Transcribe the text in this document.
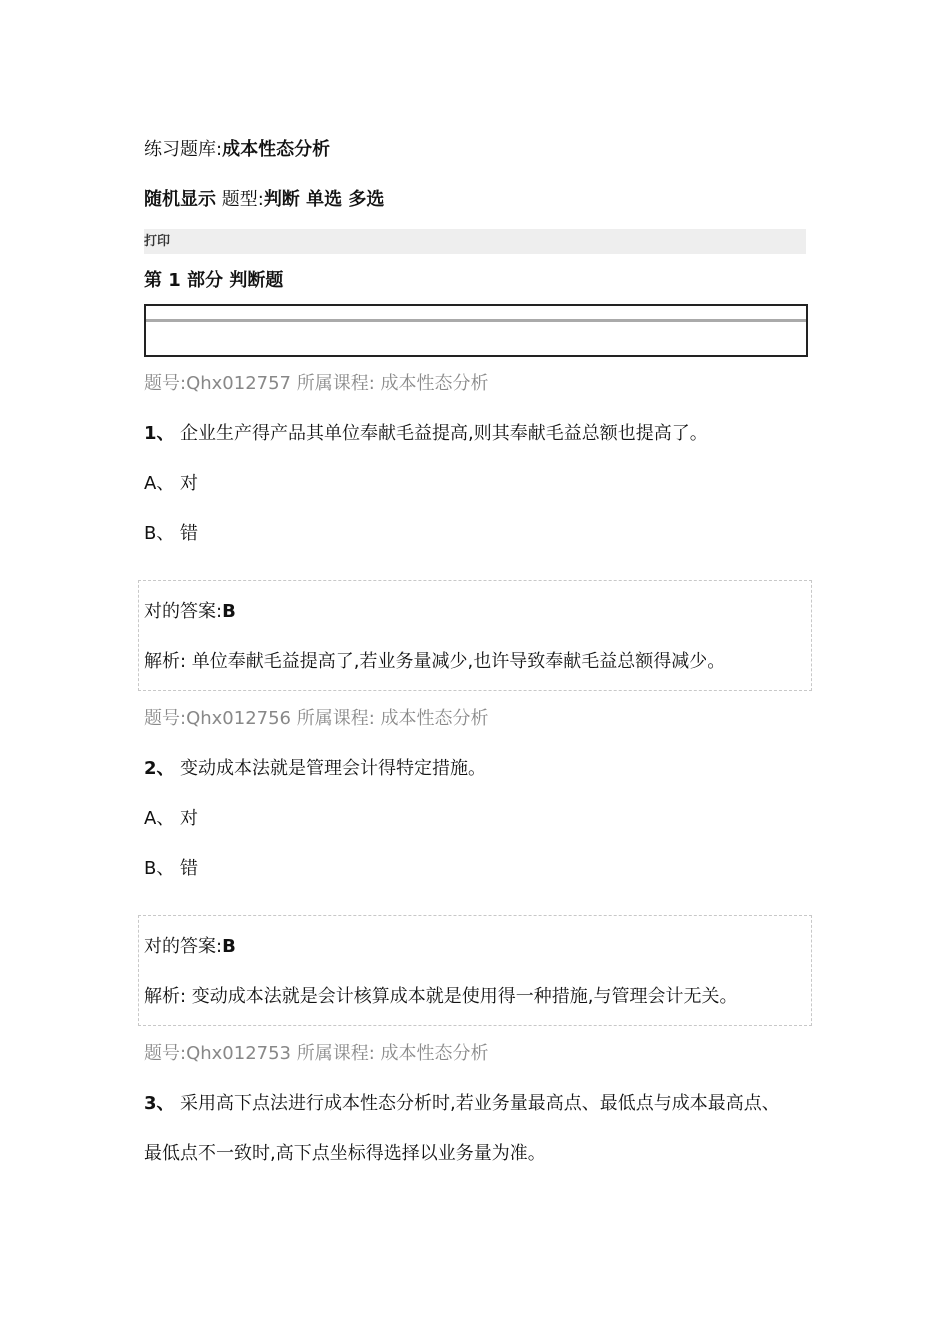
练习题库:成本性态分析
随机显示 题型:判断 单选 多选
打印
第 1 部分 判断题
题号:Qhx012757 所属课程: 成本性态分析
1、 企业生产得产品其单位奉献毛益提高,则其奉献毛益总额也提高了。
A、 对
B、 错
对的答案:B
解析: 单位奉献毛益提高了,若业务量减少,也许导致奉献毛益总额得减少。
题号:Qhx012756 所属课程: 成本性态分析
2、 变动成本法就是管理会计得特定措施。
A、 对
B、 错
对的答案:B
解析: 变动成本法就是会计核算成本就是使用得一种措施,与管理会计无关。
题号:Qhx012753 所属课程: 成本性态分析
3、 采用高下点法进行成本性态分析时,若业务量最高点、最低点与成本最高点、
最低点不一致时,高下点坐标得选择以业务量为准。
